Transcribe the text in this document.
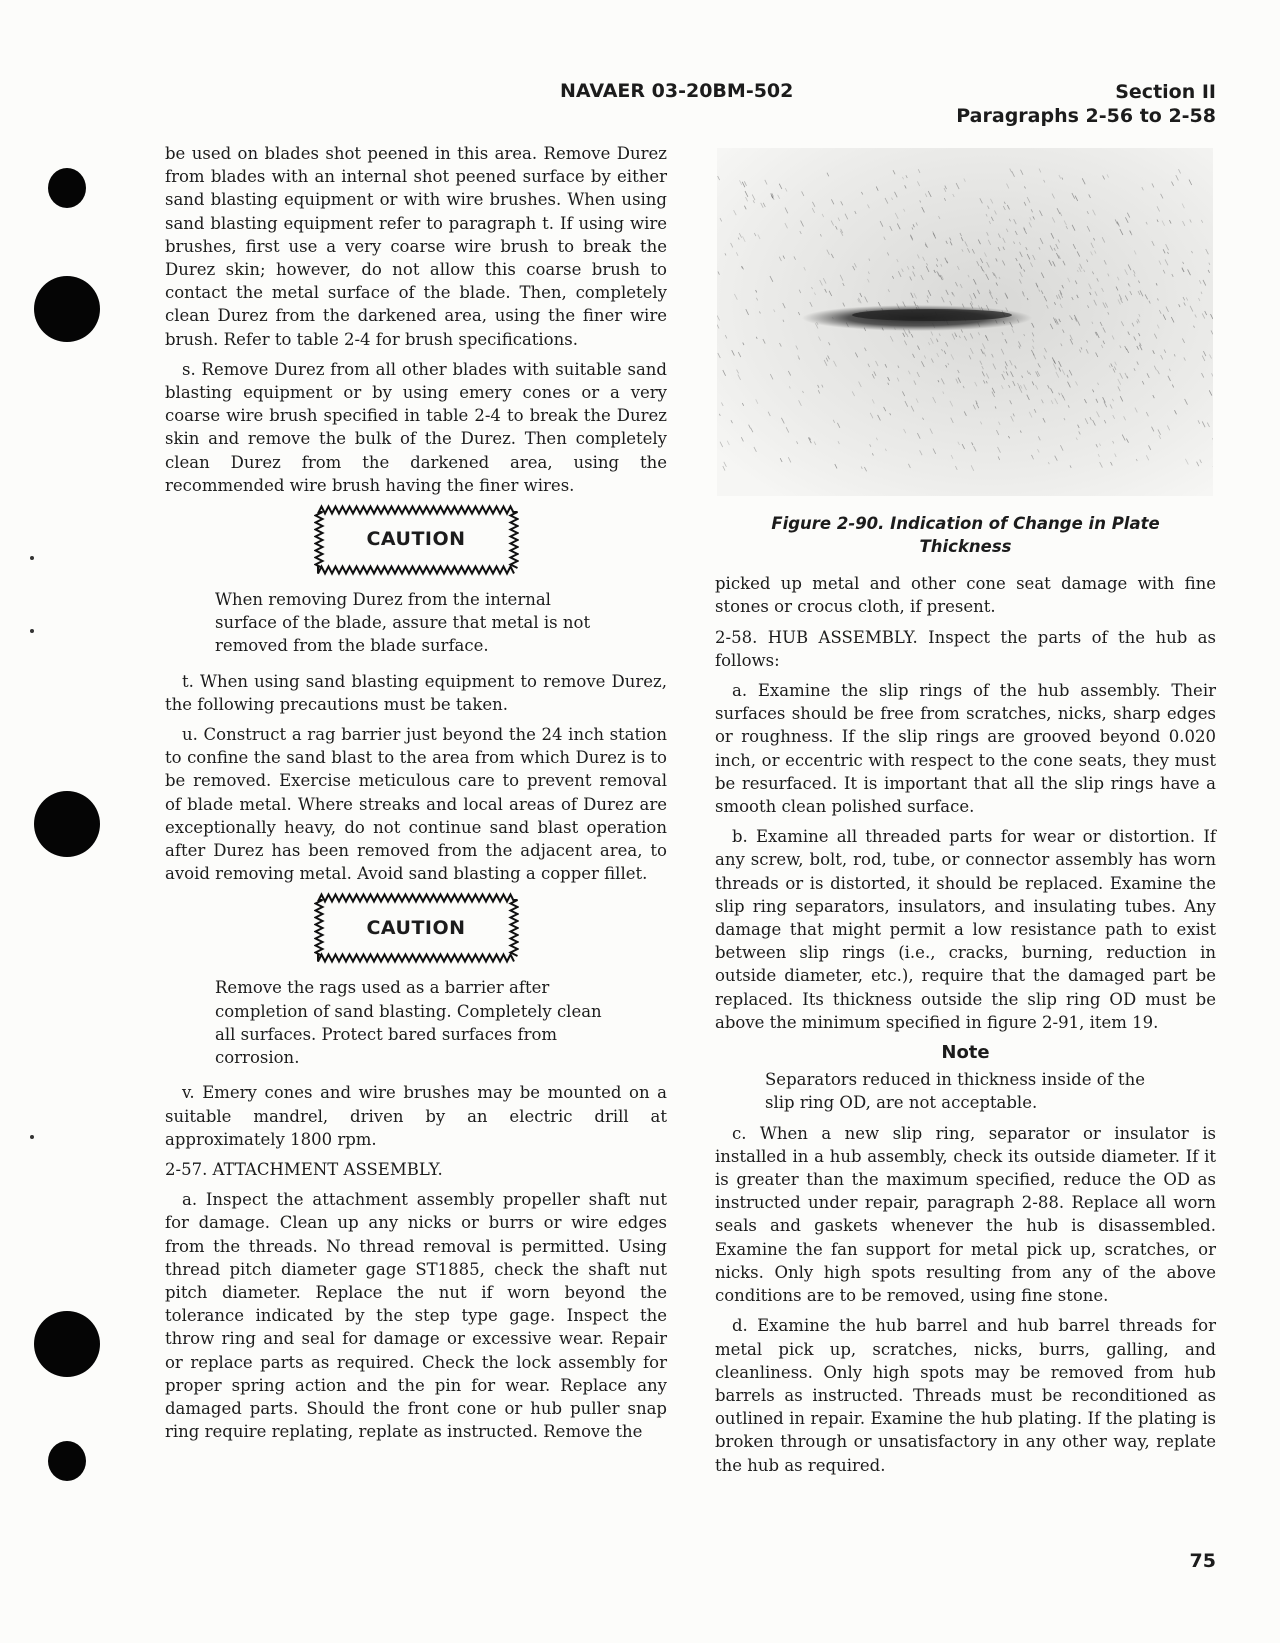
NAVAER 03-20BM-502	Section II
Paragraphs 2-56 to 2-58

be used on blades shot peened in this area. Remove Durez from blades with an internal shot peened surface by either sand blasting equipment or with wire brushes. When using sand blasting equipment refer to paragraph t. If using wire brushes, first use a very coarse wire brush to break the Durez skin; however, do not allow this coarse brush to contact the metal surface of the blade. Then, completely clean Durez from the darkened area, using the finer wire brush. Refer to table 2-4 for brush specifications.

s. Remove Durez from all other blades with suitable sand blasting equipment or by using emery cones or a very coarse wire brush specified in table 2-4 to break the Durez skin and remove the bulk of the Durez. Then completely clean Durez from the darkened area, using the recommended wire brush having the finer wires.

CAUTION

When removing Durez from the internal surface of the blade, assure that metal is not removed from the blade surface.

t. When using sand blasting equipment to remove Durez, the following precautions must be taken.

u. Construct a rag barrier just beyond the 24 inch station to confine the sand blast to the area from which Durez is to be removed. Exercise meticulous care to prevent removal of blade metal. Where streaks and local areas of Durez are exceptionally heavy, do not continue sand blast operation after Durez has been removed from the adjacent area, to avoid removing metal. Avoid sand blasting a copper fillet.

CAUTION

Remove the rags used as a barrier after completion of sand blasting. Completely clean all surfaces. Protect bared surfaces from corrosion.

v. Emery cones and wire brushes may be mounted on a suitable mandrel, driven by an electric drill at approximately 1800 rpm.

2-57. ATTACHMENT ASSEMBLY.

a. Inspect the attachment assembly propeller shaft nut for damage. Clean up any nicks or burrs or wire edges from the threads. No thread removal is permitted. Using thread pitch diameter gage ST1885, check the shaft nut pitch diameter. Replace the nut if worn beyond the tolerance indicated by the step type gage. Inspect the throw ring and seal for damage or excessive wear. Repair or replace parts as required. Check the lock assembly for proper spring action and the pin for wear. Replace any damaged parts. Should the front cone or hub puller snap ring require replating, replate as instructed. Remove the

Figure 2-90. Indication of Change in Plate Thickness

picked up metal and other cone seat damage with fine stones or crocus cloth, if present.

2-58. HUB ASSEMBLY. Inspect the parts of the hub as follows:

a. Examine the slip rings of the hub assembly. Their surfaces should be free from scratches, nicks, sharp edges or roughness. If the slip rings are grooved beyond 0.020 inch, or eccentric with respect to the cone seats, they must be resurfaced. It is important that all the slip rings have a smooth clean polished surface.

b. Examine all threaded parts for wear or distortion. If any screw, bolt, rod, tube, or connector assembly has worn threads or is distorted, it should be replaced. Examine the slip ring separators, insulators, and insulating tubes. Any damage that might permit a low resistance path to exist between slip rings (i.e., cracks, burning, reduction in outside diameter, etc.), require that the damaged part be replaced. Its thickness outside the slip ring OD must be above the minimum specified in figure 2-91, item 19.

Note

Separators reduced in thickness inside of the slip ring OD, are not acceptable.

c. When a new slip ring, separator or insulator is installed in a hub assembly, check its outside diameter. If it is greater than the maximum specified, reduce the OD as instructed under repair, paragraph 2-88. Replace all worn seals and gaskets whenever the hub is disassembled. Examine the fan support for metal pick up, scratches, or nicks. Only high spots resulting from any of the above conditions are to be removed, using fine stone.

d. Examine the hub barrel and hub barrel threads for metal pick up, scratches, nicks, burrs, galling, and cleanliness. Only high spots may be removed from hub barrels as instructed. Threads must be reconditioned as outlined in repair. Examine the hub plating. If the plating is broken through or unsatisfactory in any other way, replate the hub as required.

75
